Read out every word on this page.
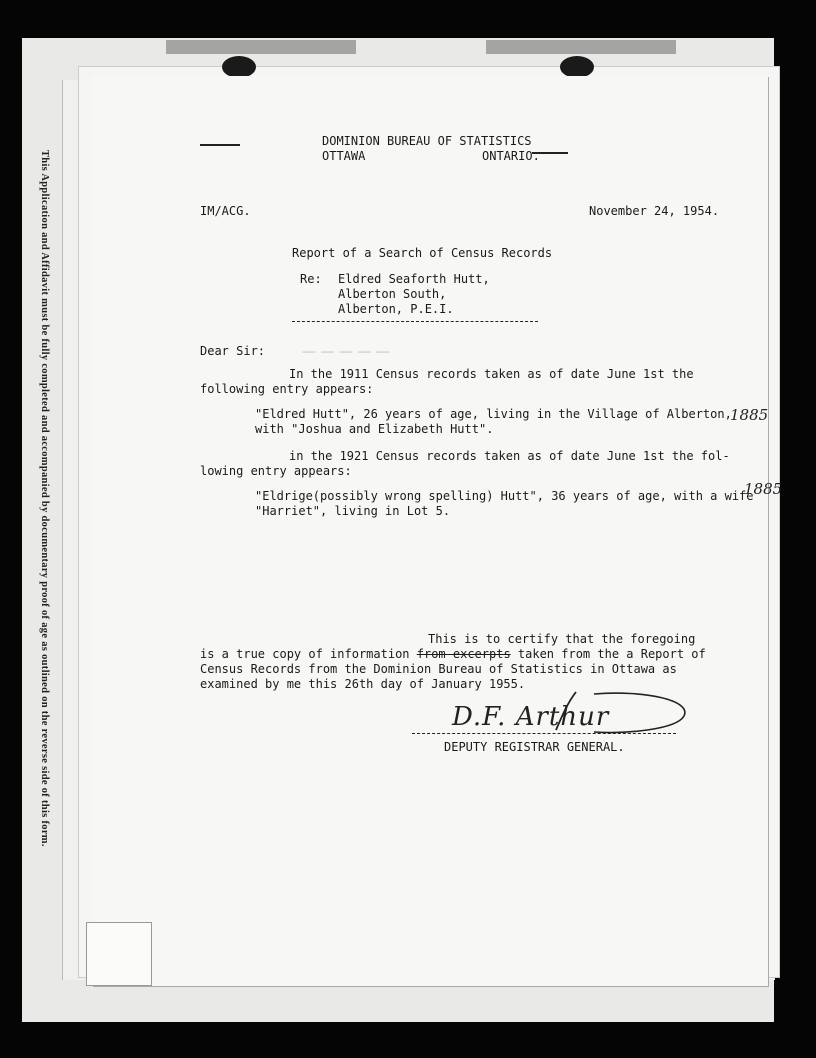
This Application and Affidavit must be fully completed and accompanied by documentary proof of age as outlined on the reverse side of this form.	— — — — —
DOMINION BUREAU OF STATISTICS
OTTAWA	ONTARIO.
IM/ACG.	November 24, 1954.
Report of a Search of Census Records
Re: Eldred Seaforth Hutt,
Alberton South,
Alberton, P.E.I.
Dear Sir:
In the 1911 Census records taken as of date June 1st the
following entry appears:
"Eldred Hutt", 26 years of age, living in the Village of Alberton,
with "Joshua and Elizabeth Hutt".
1885
in the 1921 Census records taken as of date June 1st the fol-
lowing entry appears:
"Eldrige(possibly wrong spelling) Hutt", 36 years of age, with a wife
"Harriet", living in Lot 5.
1885
This is to certify that the foregoing
is a true copy of information from excerpts taken from the a Report of
Census Records from the Dominion Bureau of Statistics in Ottawa as
examined by me this 26th day of January 1955.
D.F. Arthur
DEPUTY REGISTRAR GENERAL.
